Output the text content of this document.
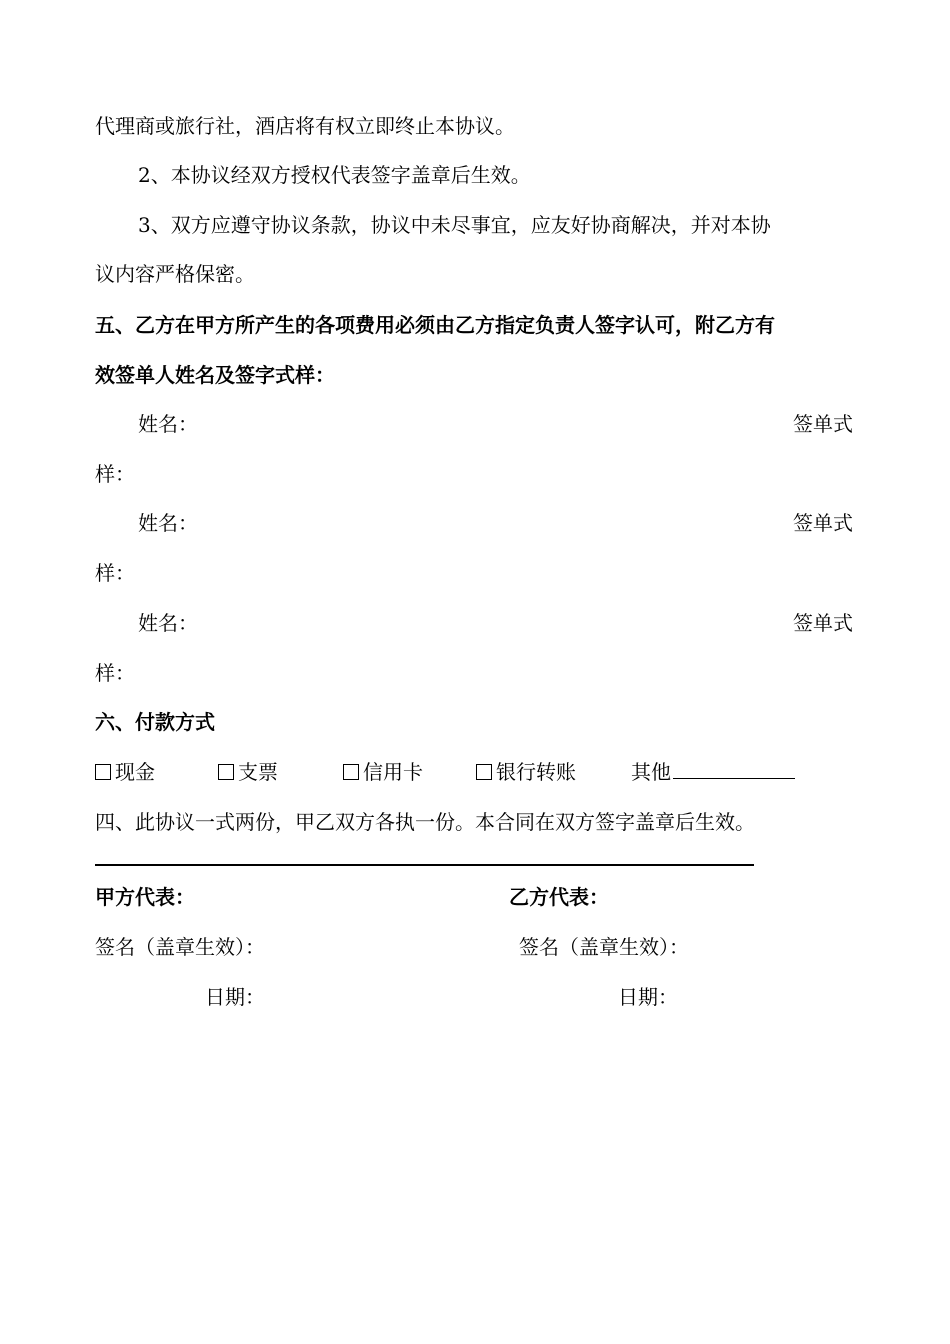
代理商或旅行社，酒店将有权立即终止本协议。
2、本协议经双方授权代表签字盖章后生效。
3、双方应遵守协议条款，协议中未尽事宜，应友好协商解决，并对本协
议内容严格保密。
五、乙方在甲方所产生的各项费用必须由乙方指定负责人签字认可，附乙方有
效签单人姓名及签字式样：
姓名：	签单式
样：
姓名：	签单式
样：
姓名：	签单式
样：
六、付款方式
现金	支票	信用卡	银行转账	其他
四、此协议一式两份，甲乙双方各执一份。本合同在双方签字盖章后生效。
甲方代表：	乙方代表：
签名（盖章生效）：	签名（盖章生效）：
日期：	日期：
